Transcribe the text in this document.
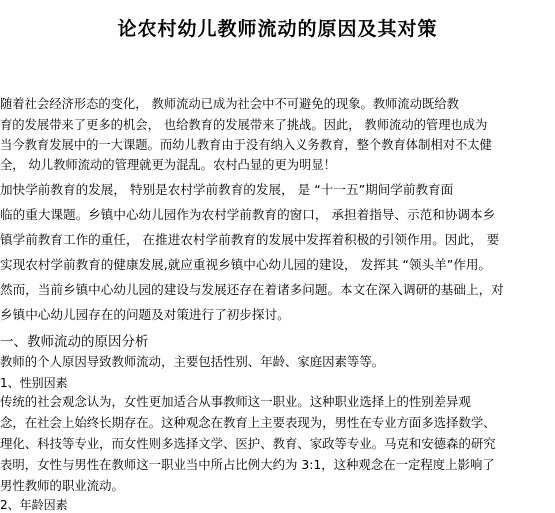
论农村幼儿教师流动的原因及其对策
随着社会经济形态的变化， 教师流动已成为社会中不可避免的现象。教师流动既给教
育的发展带来了更多的机会， 也给教育的发展带来了挑战。因此， 教师流动的管理也成为
当今教育发展中的一大课题。而幼儿教育由于没有纳入义务教育，整个教育体制相对不太健
全， 幼儿教师流动的管理就更为混乱。农村凸显的更为明显！
加快学前教育的发展， 特别是农村学前教育的发展， 是 “十一五”期间学前教育面
临的重大课题。乡镇中心幼儿园作为农村学前教育的窗口， 承担着指导、示范和协调本乡
镇学前教育工作的重任， 在推进农村学前教育的发展中发挥着积极的引领作用。因此， 要
实现农村学前教育的健康发展,就应重视乡镇中心幼儿园的建设， 发挥其 “领头羊”作用。
然而，当前乡镇中心幼儿园的建设与发展还存在着诸多问题。本文在深入调研的基础上，对
乡镇中心幼儿园存在的问题及对策进行了初步探讨。
一、教师流动的原因分析
教师的个人原因导致教师流动，主要包括性别、年龄、家庭因素等等。
1、性别因素
传统的社会观念认为，女性更加适合从事教师这一职业。这种职业选择上的性别差异观
念，在社会上始终长期存在。这种观念在教育上主要表现为，男性在专业方面多选择数学、
理化、科技等专业，而女性则多选择文学、医护、教育、家政等专业。马克和安德森的研究
表明，女性与男性在教师这一职业当中所占比例大约为 3:1，这种观念在一定程度上影响了
男性教师的职业流动。
2、年龄因素
